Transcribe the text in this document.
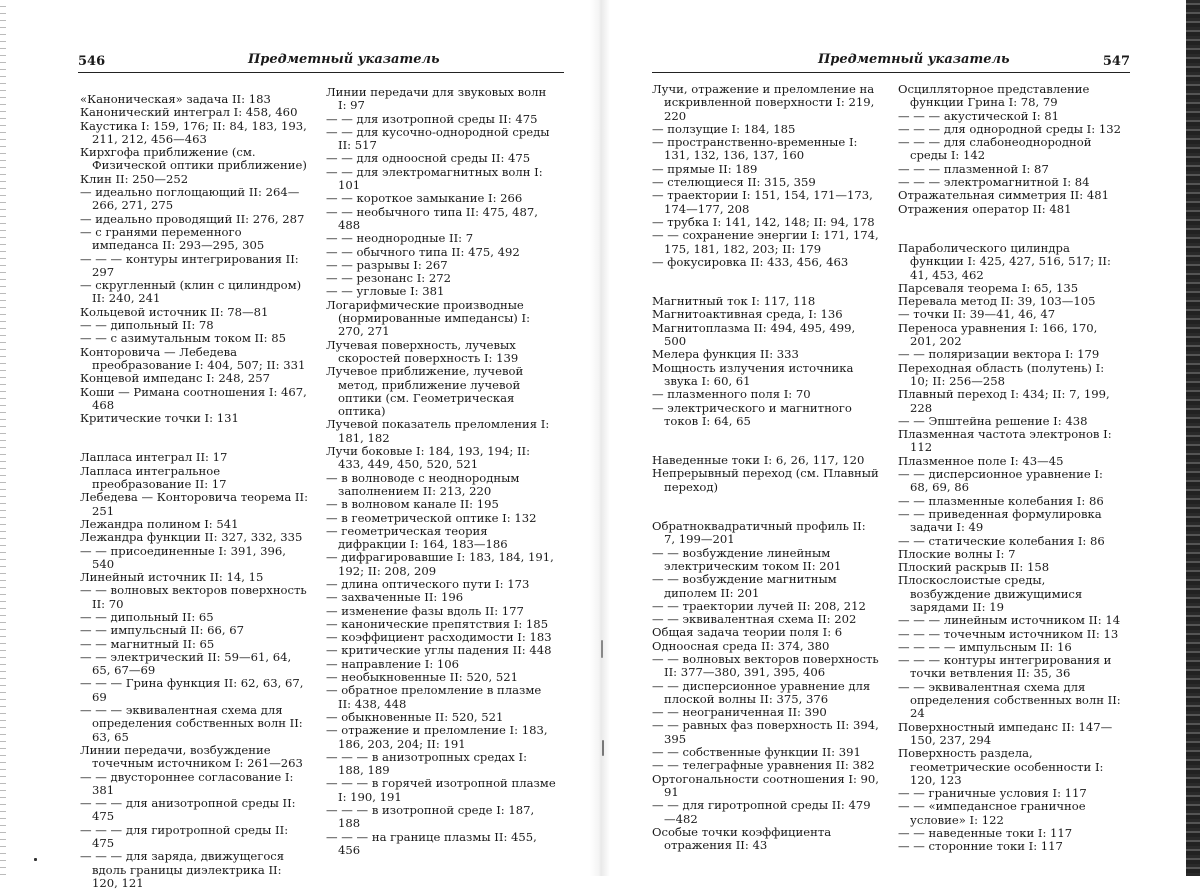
546	Предметный указатель
«Каноническая» задача II: 183
Канонический интеграл I: 458, 460
Каустика I: 159, 176; II: 84, 183, 193, 211, 212, 456—463
Кирхгофа приближение (см. Физической оптики приближение)
Клин II: 250—252
— идеально поглощающий II: 264—266, 271, 275
— идеально проводящий II: 276, 287
— с гранями переменного импеданса II: 293—295, 305
— — — контуры интегрирования II: 297
— скругленный (клин с цилиндром) II: 240, 241
Кольцевой источник II: 78—81
— — дипольный II: 78
— — с азимутальным током II: 85
Конторовича — Лебедева преобразование I: 404, 507; II: 331
Концевой импеданс I: 248, 257
Коши — Римана соотношения I: 467, 468
Критические точки I: 131
Лапласа интеграл II: 17
Лапласа интегральное преобразование II: 17
Лебедева — Конторовича теорема II: 251
Лежандра полином I: 541
Лежандра функции II: 327, 332, 335
— — присоединенные I: 391, 396, 540
Линейный источник II: 14, 15
— — волновых векторов поверхность II: 70
— — дипольный II: 65
— — импульсный II: 66, 67
— — магнитный II: 65
— — электрический II: 59—61, 64, 65, 67—69
— — — Грина функция II: 62, 63, 67, 69
— — — эквивалентная схема для определения собственных волн II: 63, 65
Линии передачи, возбуждение точечным источником I: 261—263
— — двустороннее согласование I: 381
— — — для анизотропной среды II: 475
— — — для гиротропной среды II: 475
— — — для заряда, движущегося вдоль границы диэлектрика II: 120, 121
Линии передачи для звуковых волн I: 97
— — для изотропной среды II: 475
— — для кусочно-однородной среды II: 517
— — для одноосной среды II: 475
— — для электромагнитных волн I: 101
— — короткое замыкание I: 266
— — необычного типа II: 475, 487, 488
— — неоднородные II: 7
— — обычного типа II: 475, 492
— — разрывы I: 267
— — резонанс I: 272
— — угловые I: 381
Логарифмические производные (нормированные импедансы) I: 270, 271
Лучевая поверхность, лучевых скоростей поверхность I: 139
Лучевое приближение, лучевой метод, приближение лучевой оптики (см. Геометрическая оптика)
Лучевой показатель преломления I: 181, 182
Лучи боковые I: 184, 193, 194; II: 433, 449, 450, 520, 521
— в волноводе с неоднородным заполнением II: 213, 220
— в волновом канале II: 195
— в геометрической оптике I: 132
— геометрическая теория дифракции I: 164, 183—186
— дифрагировавшие I: 183, 184, 191, 192; II: 208, 209
— длина оптического пути I: 173
— захваченные II: 196
— изменение фазы вдоль II: 177
— канонические препятствия I: 185
— коэффициент расходимости I: 183
— критические углы падения II: 448
— направление I: 106
— необыкновенные II: 520, 521
— обратное преломление в плазме II: 438, 448
— обыкновенные II: 520, 521
— отражение и преломление I: 183, 186, 203, 204; II: 191
— — — в анизотропных средах I: 188, 189
— — — в горячей изотропной плазме I: 190, 191
— — — в изотропной среде I: 187, 188
— — — на границе плазмы II: 455, 456
Предметный указатель	547
Лучи, отражение и преломление на искривленной поверхности I: 219, 220
— ползущие I: 184, 185
— пространственно-временные I: 131, 132, 136, 137, 160
— прямые II: 189
— стелющиеся II: 315, 359
— траектории I: 151, 154, 171—173, 174—177, 208
— трубка I: 141, 142, 148; II: 94, 178
— — сохранение энергии I: 171, 174, 175, 181, 182, 203; II: 179
— фокусировка II: 433, 456, 463
Магнитный ток I: 117, 118
Магнитоактивная среда, I: 136
Магнитоплазма II: 494, 495, 499, 500
Мелера функция II: 333
Мощность излучения источника звука I: 60, 61
— плазменного поля I: 70
— электрического и магнитного токов I: 64, 65
Наведенные токи I: 6, 26, 117, 120
Непрерывный переход (см. Плавный переход)
Обратноквадратичный профиль II: 7, 199—201
— — возбуждение линейным электрическим током II: 201
— — возбуждение магнитным диполем II: 201
— — траектории лучей II: 208, 212
— — эквивалентная схема II: 202
Общая задача теории поля I: 6
Одноосная среда II: 374, 380
— — волновых векторов поверхность II: 377—380, 391, 395, 406
— — дисперсионное уравнение для плоской волны II: 375, 376
— — неограниченная II: 390
— — равных фаз поверхность II: 394, 395
— — собственные функции II: 391
— — телеграфные уравнения II: 382
Ортогональности соотношения I: 90, 91
— — для гиротропной среды II: 479—482
Особые точки коэффициента отражения II: 43
Осцилляторное представление функции Грина I: 78, 79
— — — акустической I: 81
— — — для однородной среды I: 132
— — — для слабонеоднородной среды I: 142
— — — плазменной I: 87
— — — электромагнитной I: 84
Отражательная симметрия II: 481
Отражения оператор II: 481
Параболического цилиндра функции I: 425, 427, 516, 517; II: 41, 453, 462
Парсеваля теорема I: 65, 135
Перевала метод II: 39, 103—105
— точки II: 39—41, 46, 47
Переноса уравнения I: 166, 170, 201, 202
— — поляризации вектора I: 179
Переходная область (полутень) I: 10; II: 256—258
Плавный переход I: 434; II: 7, 199, 228
— — Эпштейна решение I: 438
Плазменная частота электронов I: 112
Плазменное поле I: 43—45
— — дисперсионное уравнение I: 68, 69, 86
— — плазменные колебания I: 86
— — приведенная формулировка задачи I: 49
— — статические колебания I: 86
Плоские волны I: 7
Плоский раскрыв II: 158
Плоскослоистые среды, возбуждение движущимися зарядами II: 19
— — — линейным источником II: 14
— — — точечным источником II: 13
— — — — импульсным II: 16
— — — контуры интегрирования и точки ветвления II: 35, 36
— — эквивалентная схема для определения собственных волн II: 24
Поверхностный импеданс II: 147—150, 237, 294
Поверхность раздела, геометрические особенности I: 120, 123
— — граничные условия I: 117
— — «импедансное граничное условие» I: 122
— — наведенные токи I: 117
— — сторонние токи I: 117
